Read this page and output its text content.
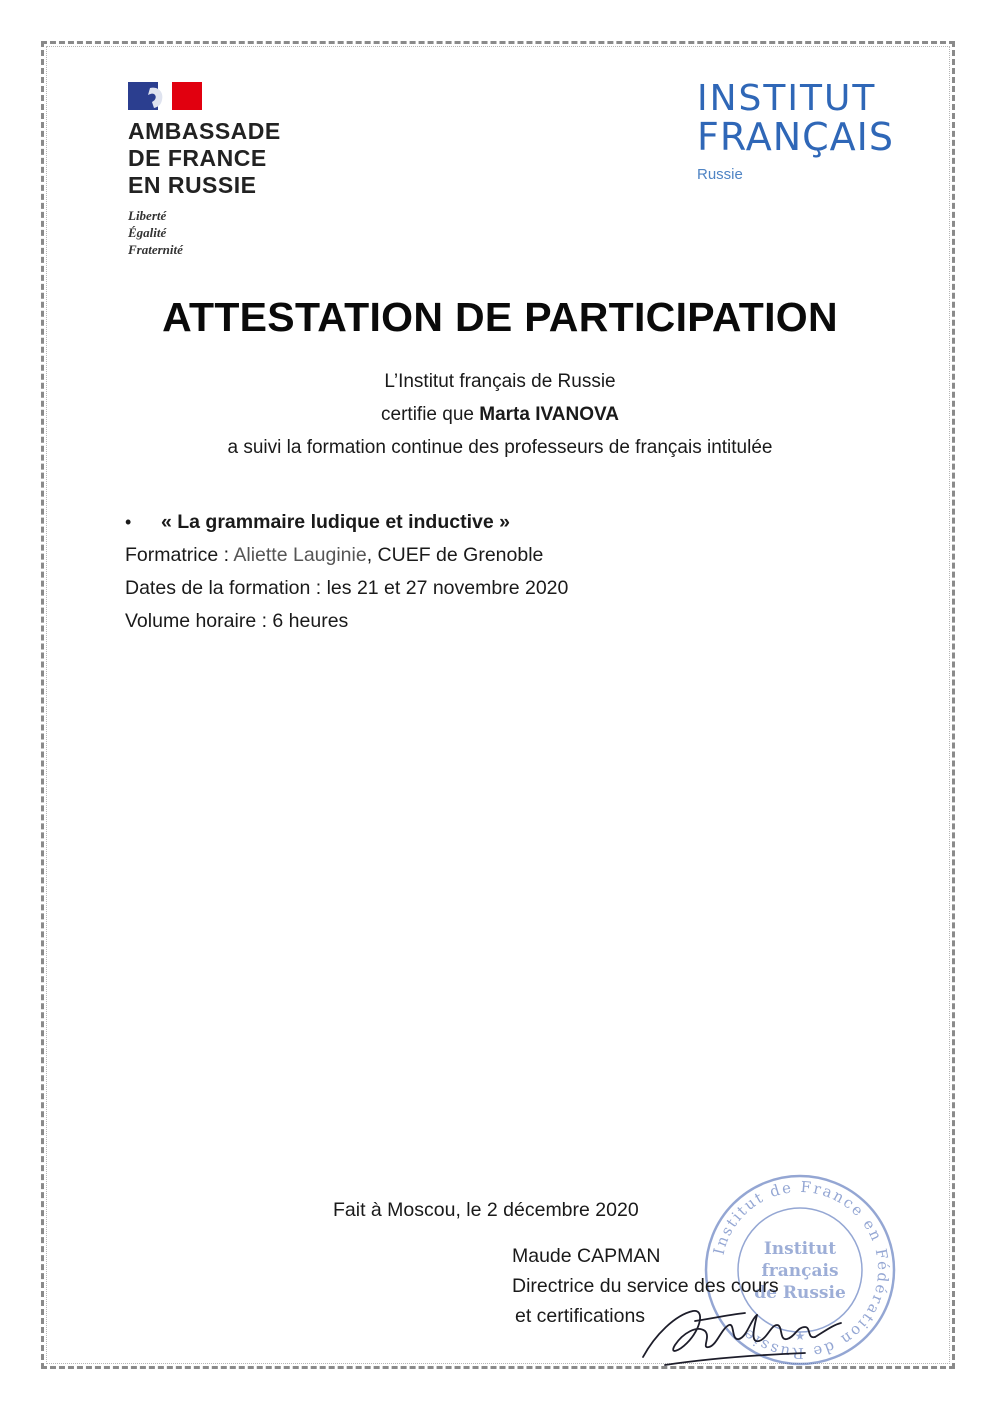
AMBASSADE
DE FRANCE
EN RUSSIE
Liberté
Égalité
Fraternité
INSTITUT
FRANÇAIS
Russie
ATTESTATION DE PARTICIPATION
L’Institut français de Russie
certifie que Marta IVANOVA
a suivi la formation continue des professeurs de français intitulée
•	« La grammaire ludique et inductive »
Formatrice : Aliette Lauginie, CUEF de Grenoble
Dates de la formation : les 21 et 27 novembre 2020
Volume horaire : 6 heures
Institut de France en Fédération de Russie
Institut
français
de Russie
★
Fait à Moscou, le 2 décembre 2020
Maude CAPMAN
Directrice du service des cours
et certifications
